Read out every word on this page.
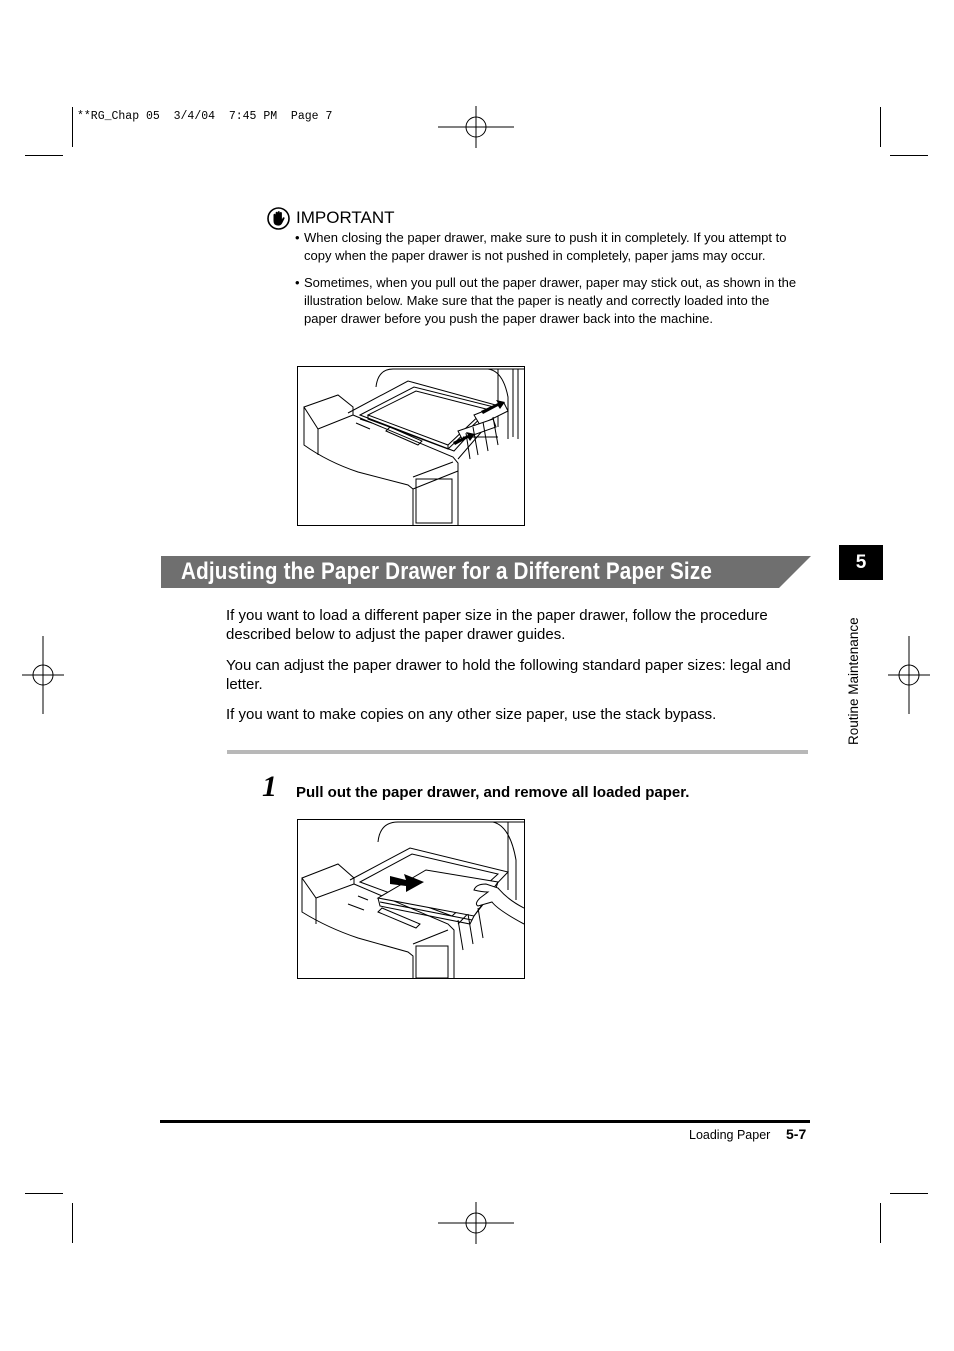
**RG_Chap 05  3/4/04  7:45 PM  Page 7
IMPORTANT
• When closing the paper drawer, make sure to push it in completely. If you attempt to copy when the paper drawer is not pushed in completely, paper jams may occur.
• Sometimes, when you pull out the paper drawer, paper may stick out, as shown in the illustration below. Make sure that the paper is neatly and correctly loaded into the paper drawer before you push the paper drawer back into the machine.
Adjusting the Paper Drawer for a Different Paper Size
If you want to load a different paper size in the paper drawer, follow the procedure described below to adjust the paper drawer guides.
You can adjust the paper drawer to hold the following standard paper sizes: legal and letter.
If you want to make copies on any other size paper, use the stack bypass.
1 Pull out the paper drawer, and remove all loaded paper.
5
Routine Maintenance
Loading Paper 5-7
